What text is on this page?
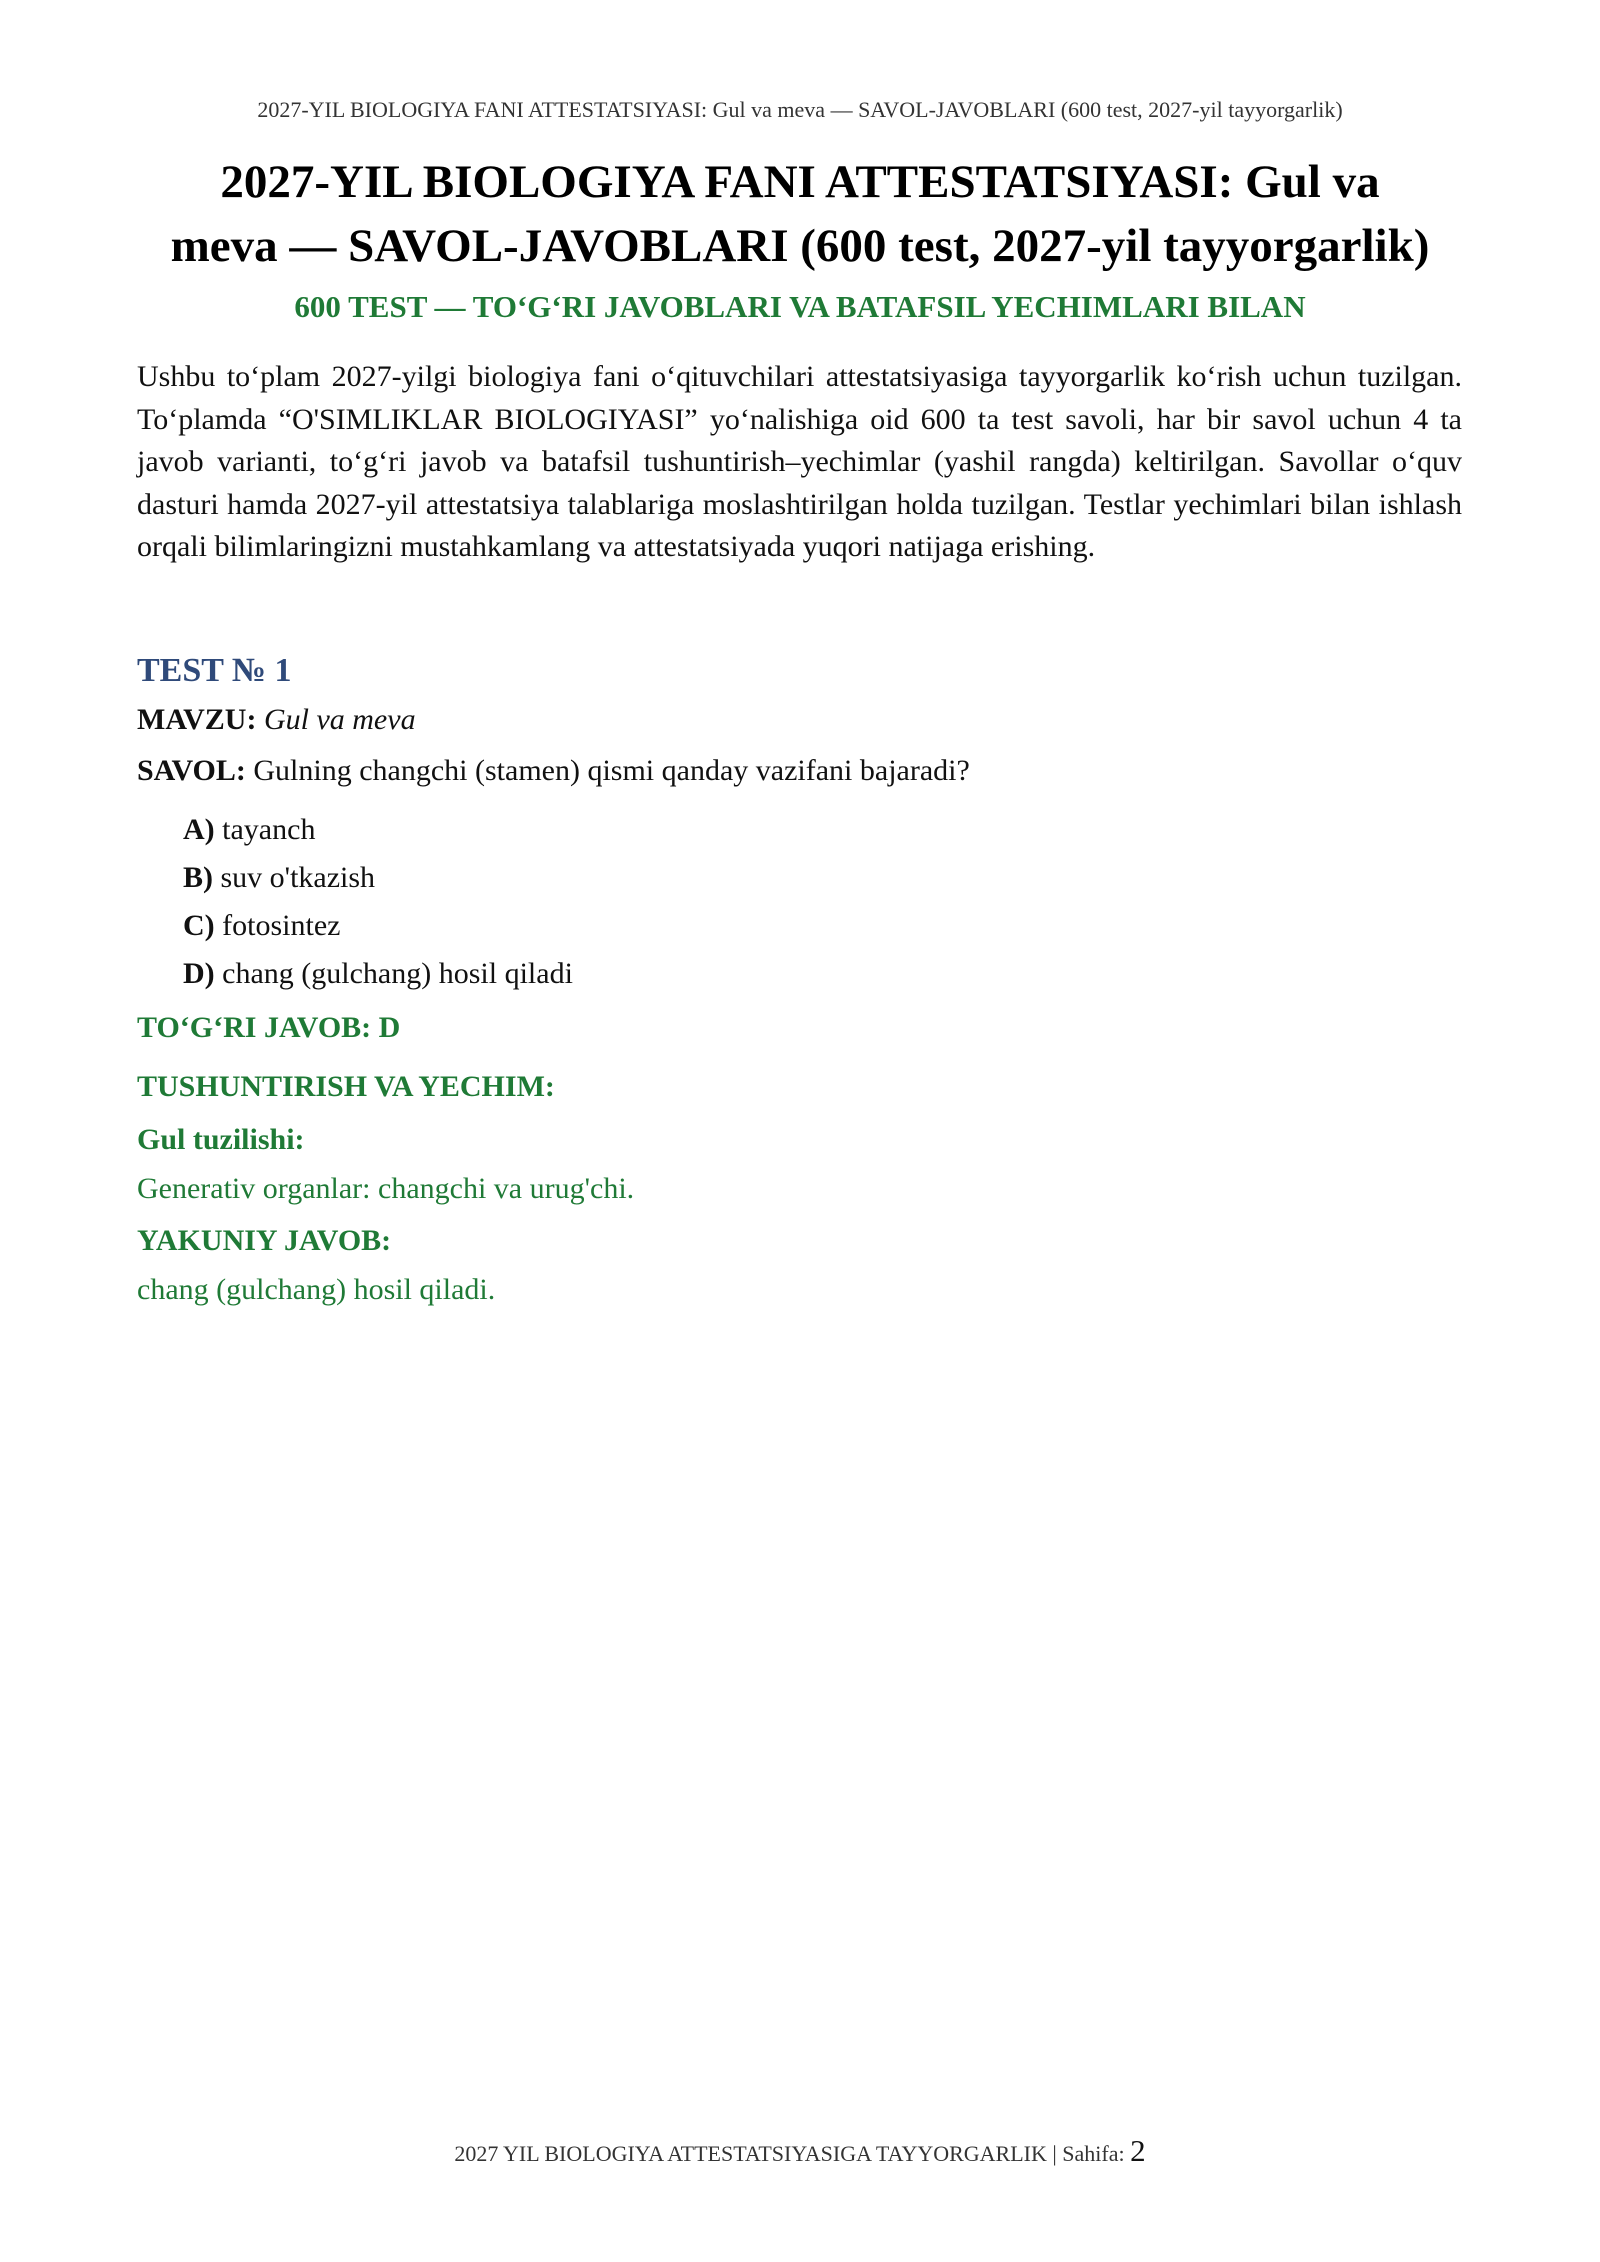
2027-YIL BIOLOGIYA FANI ATTESTATSIYASI: Gul va meva — SAVOL-JAVOBLARI (600 test, 2027-yil tayyorgarlik)
2027-YIL BIOLOGIYA FANI ATTESTATSIYASI: Gul va
meva — SAVOL-JAVOBLARI (600 test, 2027-yil tayyorgarlik)
600 TEST — TO‘G‘RI JAVOBLARI VA BATAFSIL YECHIMLARI BILAN

Ushbu to‘plam 2027-yilgi biologiya fani o‘qituvchilari attestatsiyasiga tayyorgarlik ko‘rish uchun tuzilgan. To‘plamda “O'SIMLIKLAR BIOLOGIYASI” yo‘nalishiga oid 600 ta test savoli, har bir savol uchun 4 ta javob varianti, to‘g‘ri javob va batafsil tushuntirish–yechimlar (yashil rangda) keltirilgan. Savollar o‘quv dasturi hamda 2027-yil attestatsiya talablariga moslashtirilgan holda tuzilgan. Testlar yechimlari bilan ishlash orqali bilimlaringizni mustahkamlang va attestatsiyada yuqori natijaga erishing.

TEST № 1
MAVZU: Gul va meva
SAVOL: Gulning changchi (stamen) qismi qanday vazifani bajaradi?
A) tayanch
B) suv o'tkazish
C) fotosintez
D) chang (gulchang) hosil qiladi
TO‘G‘RI JAVOB: D
TUSHUNTIRISH VA YECHIM:
Gul tuzilishi:
Generativ organlar: changchi va urug'chi.
YAKUNIY JAVOB:
chang (gulchang) hosil qiladi.
2027 YIL BIOLOGIYA ATTESTATSIYASIGA TAYYORGARLIK | Sahifa: 2
